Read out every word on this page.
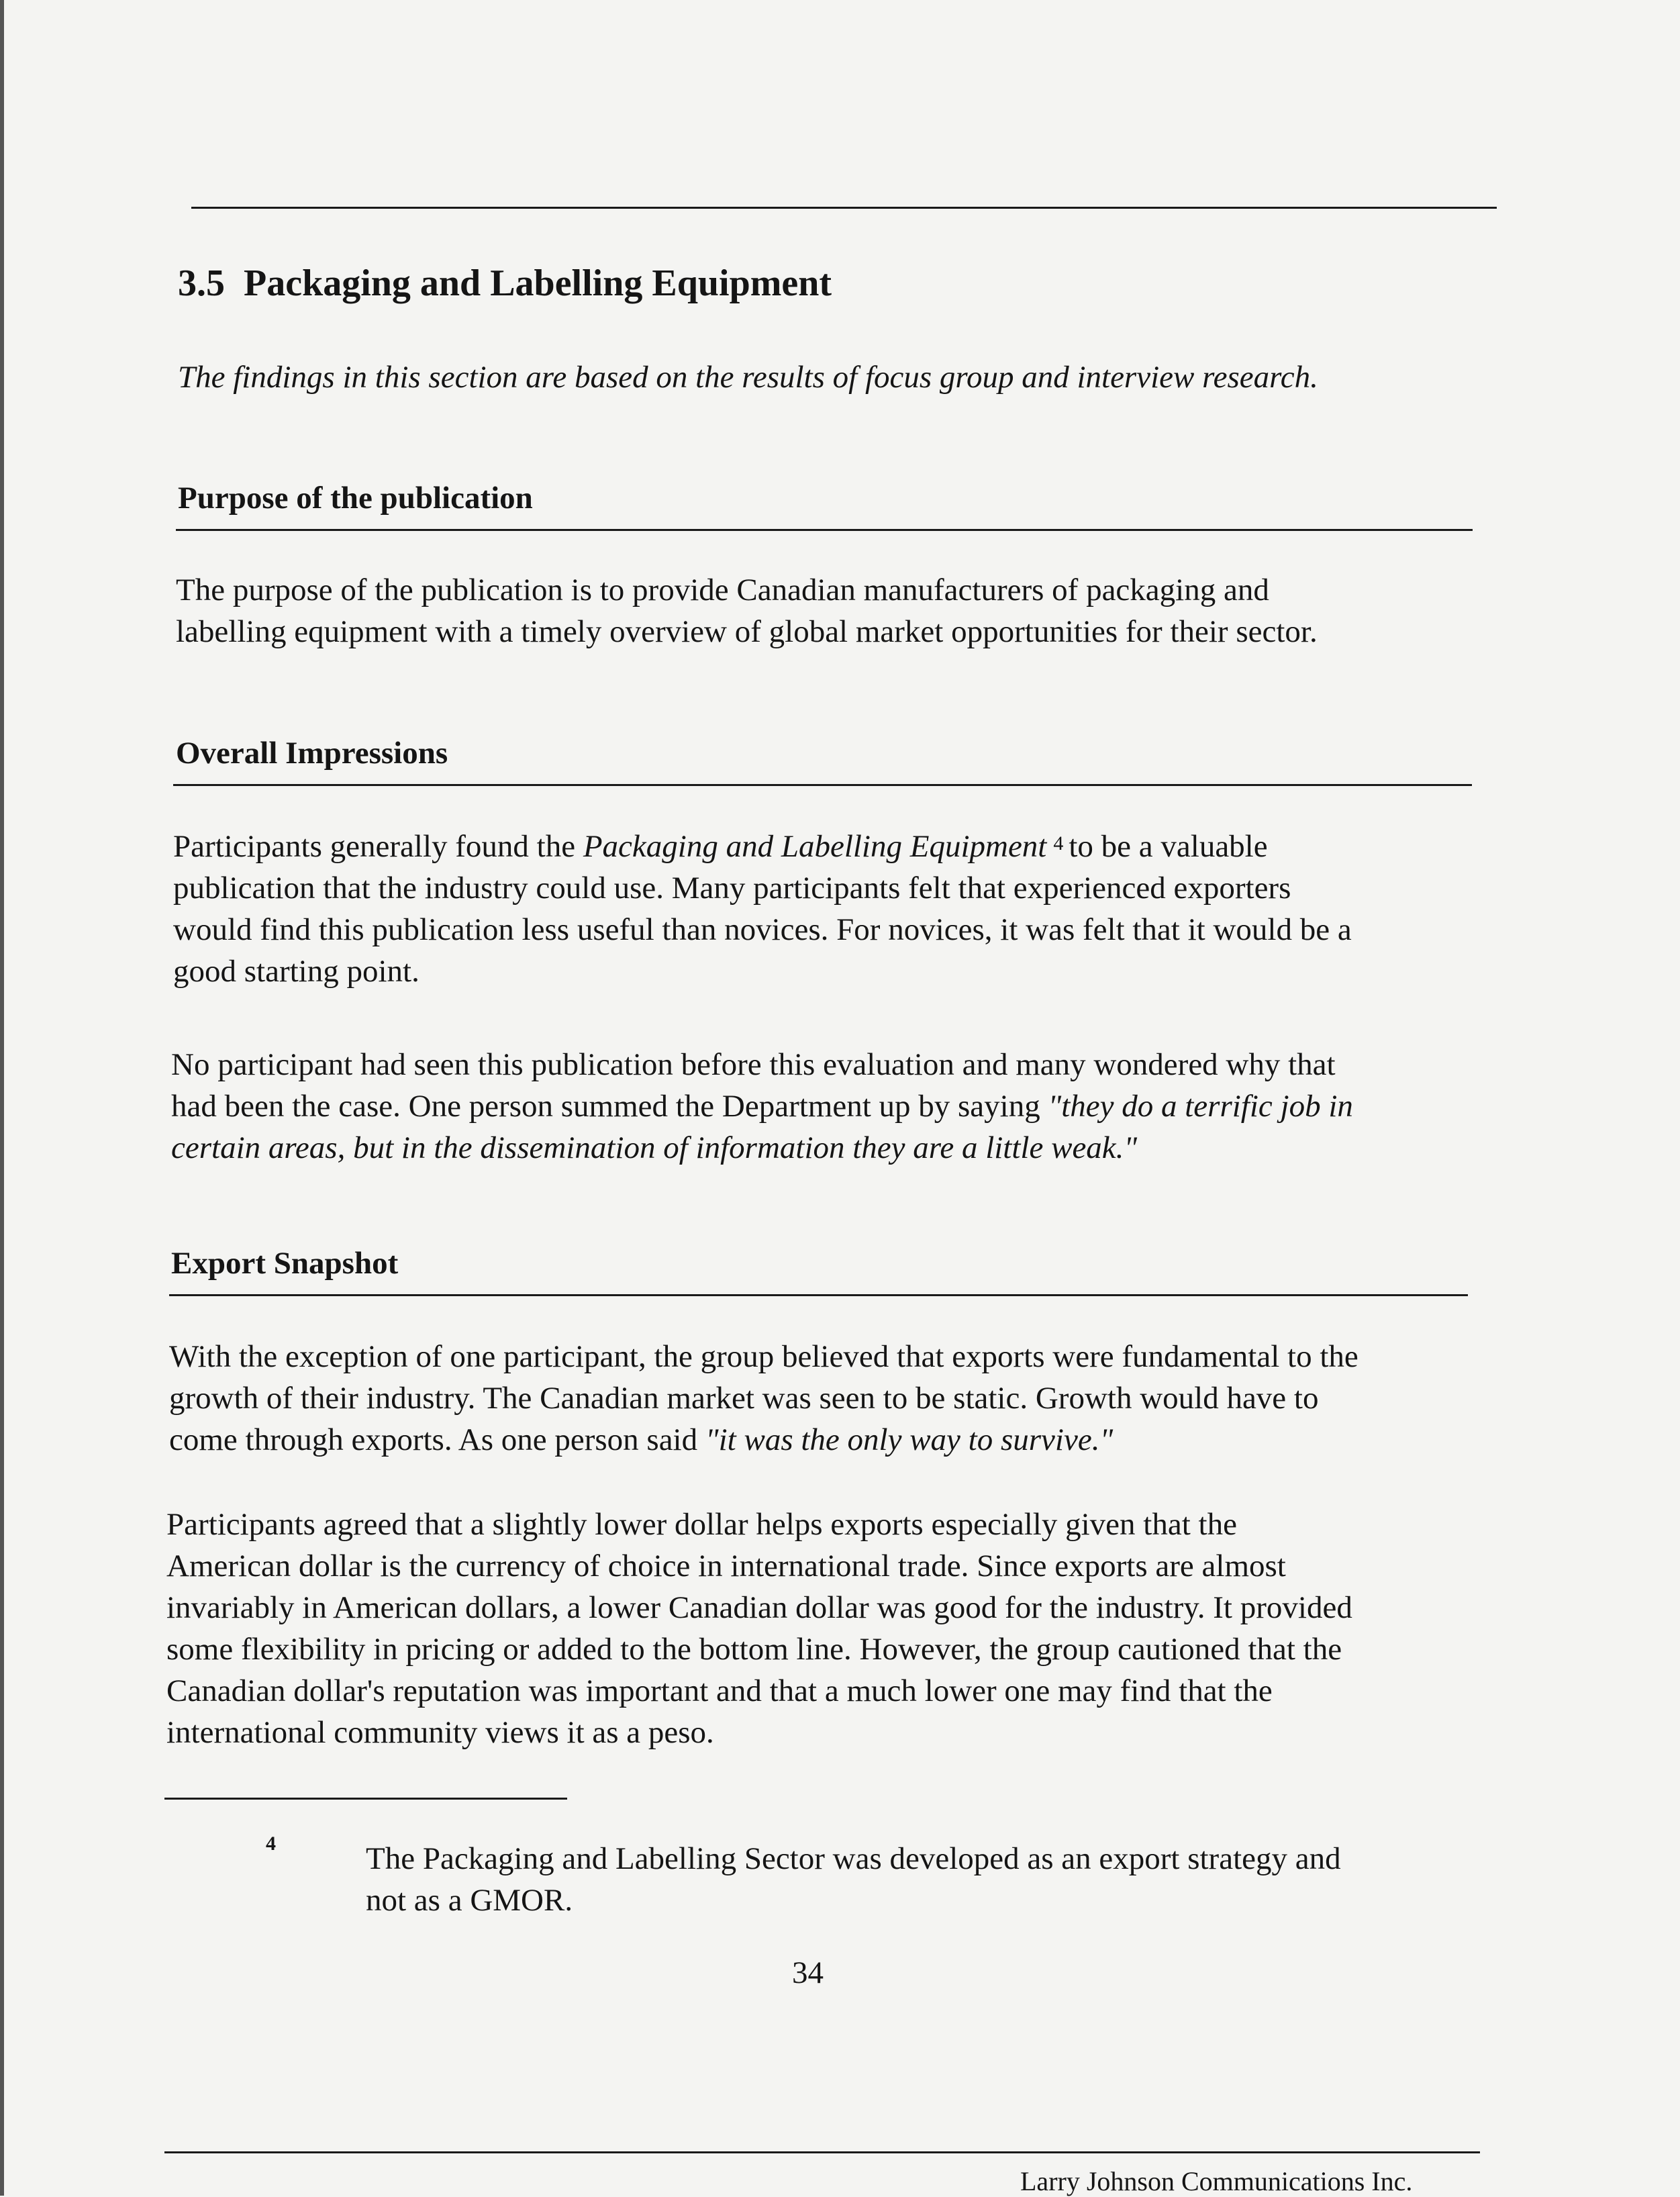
3.5 Packaging and Labelling Equipment
The findings in this section are based on the results of focus group and interview research.
Purpose of the publication
The purpose of the publication is to provide Canadian manufacturers of packaging and
labelling equipment with a timely overview of global market opportunities for their sector.
Overall Impressions
Participants generally found the Packaging and Labelling Equipment $^4$ to be a valuable
publication that the industry could use. Many participants felt that experienced exporters
would find this publication less useful than novices. For novices, it was felt that it would be a
good starting point.
No participant had seen this publication before this evaluation and many wondered why that
had been the case. One person summed the Department up by saying "they do a terrific job in
certain areas, but in the dissemination of information they are a little weak."
Export Snapshot
With the exception of one participant, the group believed that exports were fundamental to the
growth of their industry. The Canadian market was seen to be static. Growth would have to
come through exports. As one person said "it was the only way to survive."
Participants agreed that a slightly lower dollar helps exports especially given that the
American dollar is the currency of choice in international trade. Since exports are almost
invariably in American dollars, a lower Canadian dollar was good for the industry. It provided
some flexibility in pricing or added to the bottom line. However, the group cautioned that the
Canadian dollar's reputation was important and that a much lower one may find that the
international community views it as a peso.
4	The Packaging and Labelling Sector was developed as an export strategy and
not as a GMOR.
34
Larry Johnson Communications Inc.
